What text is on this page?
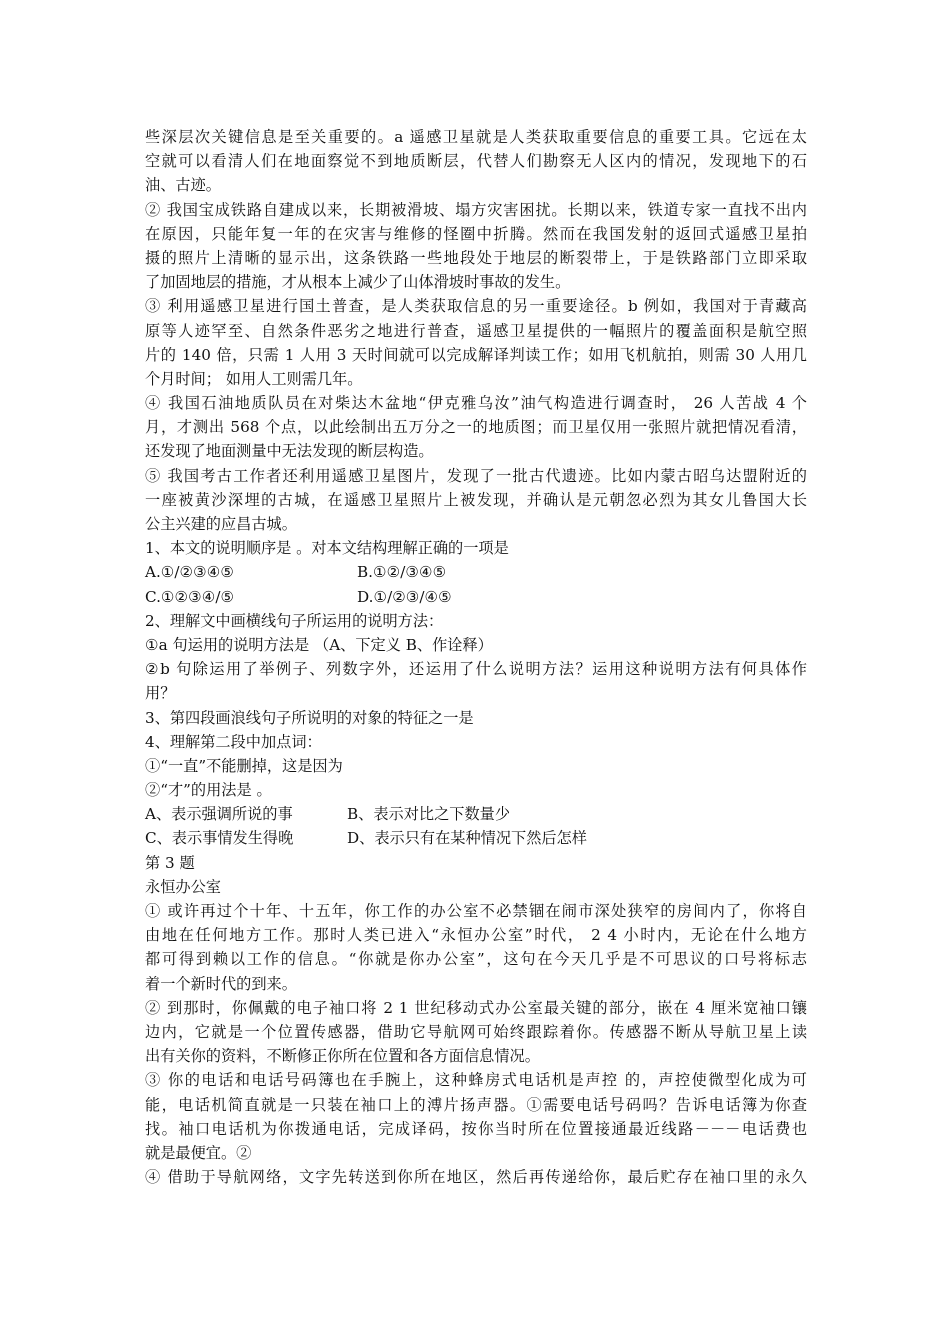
些深层次关键信息是至关重要的。a 遥感卫星就是人类获取重要信息的重要工具。它远在太
空就可以看清人们在地面察觉不到地质断层，代替人们勘察无人区内的情况，发现地下的石
油、古迹。
② 我国宝成铁路自建成以来，长期被滑坡、塌方灾害困扰。长期以来，铁道专家一直找不出内
在原因，只能年复一年的在灾害与维修的怪圈中折腾。然而在我国发射的返回式遥感卫星拍
摄的照片上清晰的显示出，这条铁路一些地段处于地层的断裂带上，于是铁路部门立即采取
了加固地层的措施，才从根本上减少了山体滑坡时事故的发生。
③ 利用遥感卫星进行国土普查，是人类获取信息的另一重要途径。b 例如，我国对于青藏高
原等人迹罕至、自然条件恶劣之地进行普查，遥感卫星提供的一幅照片的覆盖面积是航空照
片的 140 倍，只需 1 人用 3 天时间就可以完成解译判读工作；如用飞机航拍，则需 30 人用几
个月时间； 如用人工则需几年。
④ 我国石油地质队员在对柴达木盆地“伊克雅乌汝”油气构造进行调查时， 26 人苦战 4 个
月，才测出 568 个点，以此绘制出五万分之一的地质图；而卫星仅用一张照片就把情况看清，
还发现了地面测量中无法发现的断层构造。
⑤ 我国考古工作者还利用遥感卫星图片，发现了一批古代遗迹。比如内蒙古昭乌达盟附近的
一座被黄沙深埋的古城，在遥感卫星照片上被发现，并确认是元朝忽必烈为其女儿鲁国大长
公主兴建的应昌古城。
1、本文的说明顺序是 。对本文结构理解正确的一项是
A.①/②③④⑤	B.①②/③④⑤
C.①②③④/⑤	D.①/②③/④⑤
2、理解文中画横线句子所运用的说明方法：
①a 句运用的说明方法是 （A、下定义 B、作诠释）
②b 句除运用了举例子、列数字外，还运用了什么说明方法？运用这种说明方法有何具体作
用？
3、第四段画浪线句子所说明的对象的特征之一是
4、理解第二段中加点词：
①“一直”不能删掉，这是因为
②“才”的用法是 。
A、表示强调所说的事	B、表示对比之下数量少
C、表示事情发生得晚	D、表示只有在某种情况下然后怎样
第 3 题
永恒办公室
① 或许再过个十年、十五年，你工作的办公室不必禁锢在闹市深处狭窄的房间内了，你将自
由地在任何地方工作。那时人类已进入“永恒办公室”时代， 2 4 小时内，无论在什么地方
都可得到赖以工作的信息。“你就是你办公室”，这句在今天几乎是不可思议的口号将标志
着一个新时代的到来。
② 到那时，你佩戴的电子袖口将 2 1 世纪移动式办公室最关键的部分，嵌在 4 厘米宽袖口镶
边内，它就是一个位置传感器，借助它导航网可始终跟踪着你。传感器不断从导航卫星上读
出有关你的资料，不断修正你所在位置和各方面信息情况。
③ 你的电话和电话号码簿也在手腕上，这种蜂房式电话机是声控 的，声控使微型化成为可
能，电话机简直就是一只装在袖口上的溥片扬声器。①需要电话号码吗？告诉电话簿为你查
找。袖口电话机为你拨通电话，完成译码，按你当时所在位置接通最近线路－－－电话费也
就是最便宜。②
④ 借助于导航网络，文字先转送到你所在地区，然后再传递给你，最后贮存在袖口里的永久
